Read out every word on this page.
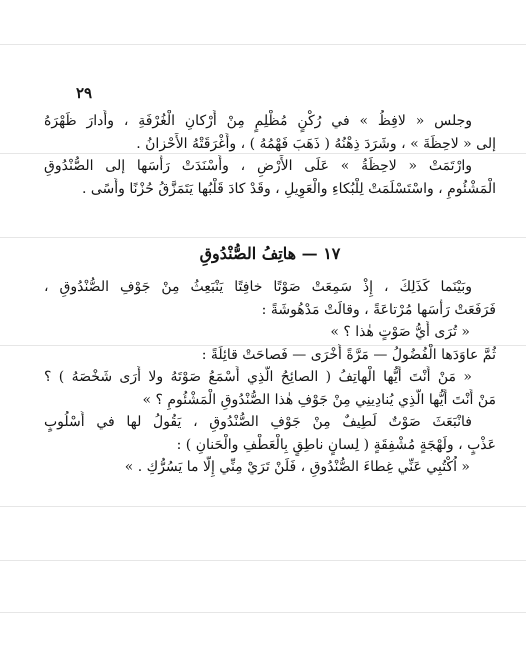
٢٩
وجلس « لافِظُ » في رُكْنٍ مُظْلِمٍ مِنْ أَرْكانِ الْغُرْفَةِ ، وأَدارَ ظَهْرَهُ
إلى « لاحِظَةَ » ، وشَرَدَ ذِهْنُهُ ( ذَهَبَ فَهْمُهُ ) ، وأَغْرَقَتْهُ الأَحْزانُ .
وارْتَمَتْ « لاحِظَةُ » عَلَى الأَرْضِ ، وأَسْنَدَتْ رَأْسَها إلى الصُّنْدُوقِ
الْمَشْئُومِ ، واسْتَسْلَمَتْ لِلْبُكاءِ والْعَوِيلِ ، وقَدْ كادَ قَلْبُها يَتَمَزَّقُ حُزْنًا وأَسًى .
١٧ — هاتِفُ الصُّنْدُوقِ
وبَيْنَما كَذَلِكَ ، إِذْ سَمِعَتْ صَوْتًا خافِتًا يَنْبَعِثُ مِنْ جَوْفِ الصُّنْدُوقِ ،
فَرَفَعَتْ رَأْسَها مُرْتاعَةً ، وقالَتْ مَدْهُوشَةً :
« تُرَى أَيُّ صَوْتٍ هٰذا ؟ »
ثُمَّ عاوَدَها الْفُضُولُ — مَرَّةً أُخْرَى — فَصاحَتْ قائِلَةً :
« مَنْ أَنْتَ أَيُّها الْهاتِفُ ( الصائِحُ الَّذِي أَسْمَعُ صَوْتَهُ ولا أَرَى شَخْصَهُ ) ؟
مَنْ أَنْتَ أَيُّها الَّذِي يُنادِينِي مِنْ جَوْفِ هٰذا الصُّنْدُوقِ الْمَشْئُومِ ؟ »
فانْبَعَثَ صَوْتٌ لَطِيفٌ مِنْ جَوْفِ الصُّنْدُوقِ ، يَقُولُ لها في أُسْلُوبٍ
عَذْبٍ ، ولَهْجَةٍ مُشْفِقَةٍ ( لِسانٍ ناطِقٍ بِالْعَطْفِ والْحَنانِ ) :
« اُكْتُبِي عَنِّي غِطاءَ الصُّنْدُوقِ ، فَلَنْ تَرَيْ مِنِّي إِلَّا ما يَسُرُّكِ . »
